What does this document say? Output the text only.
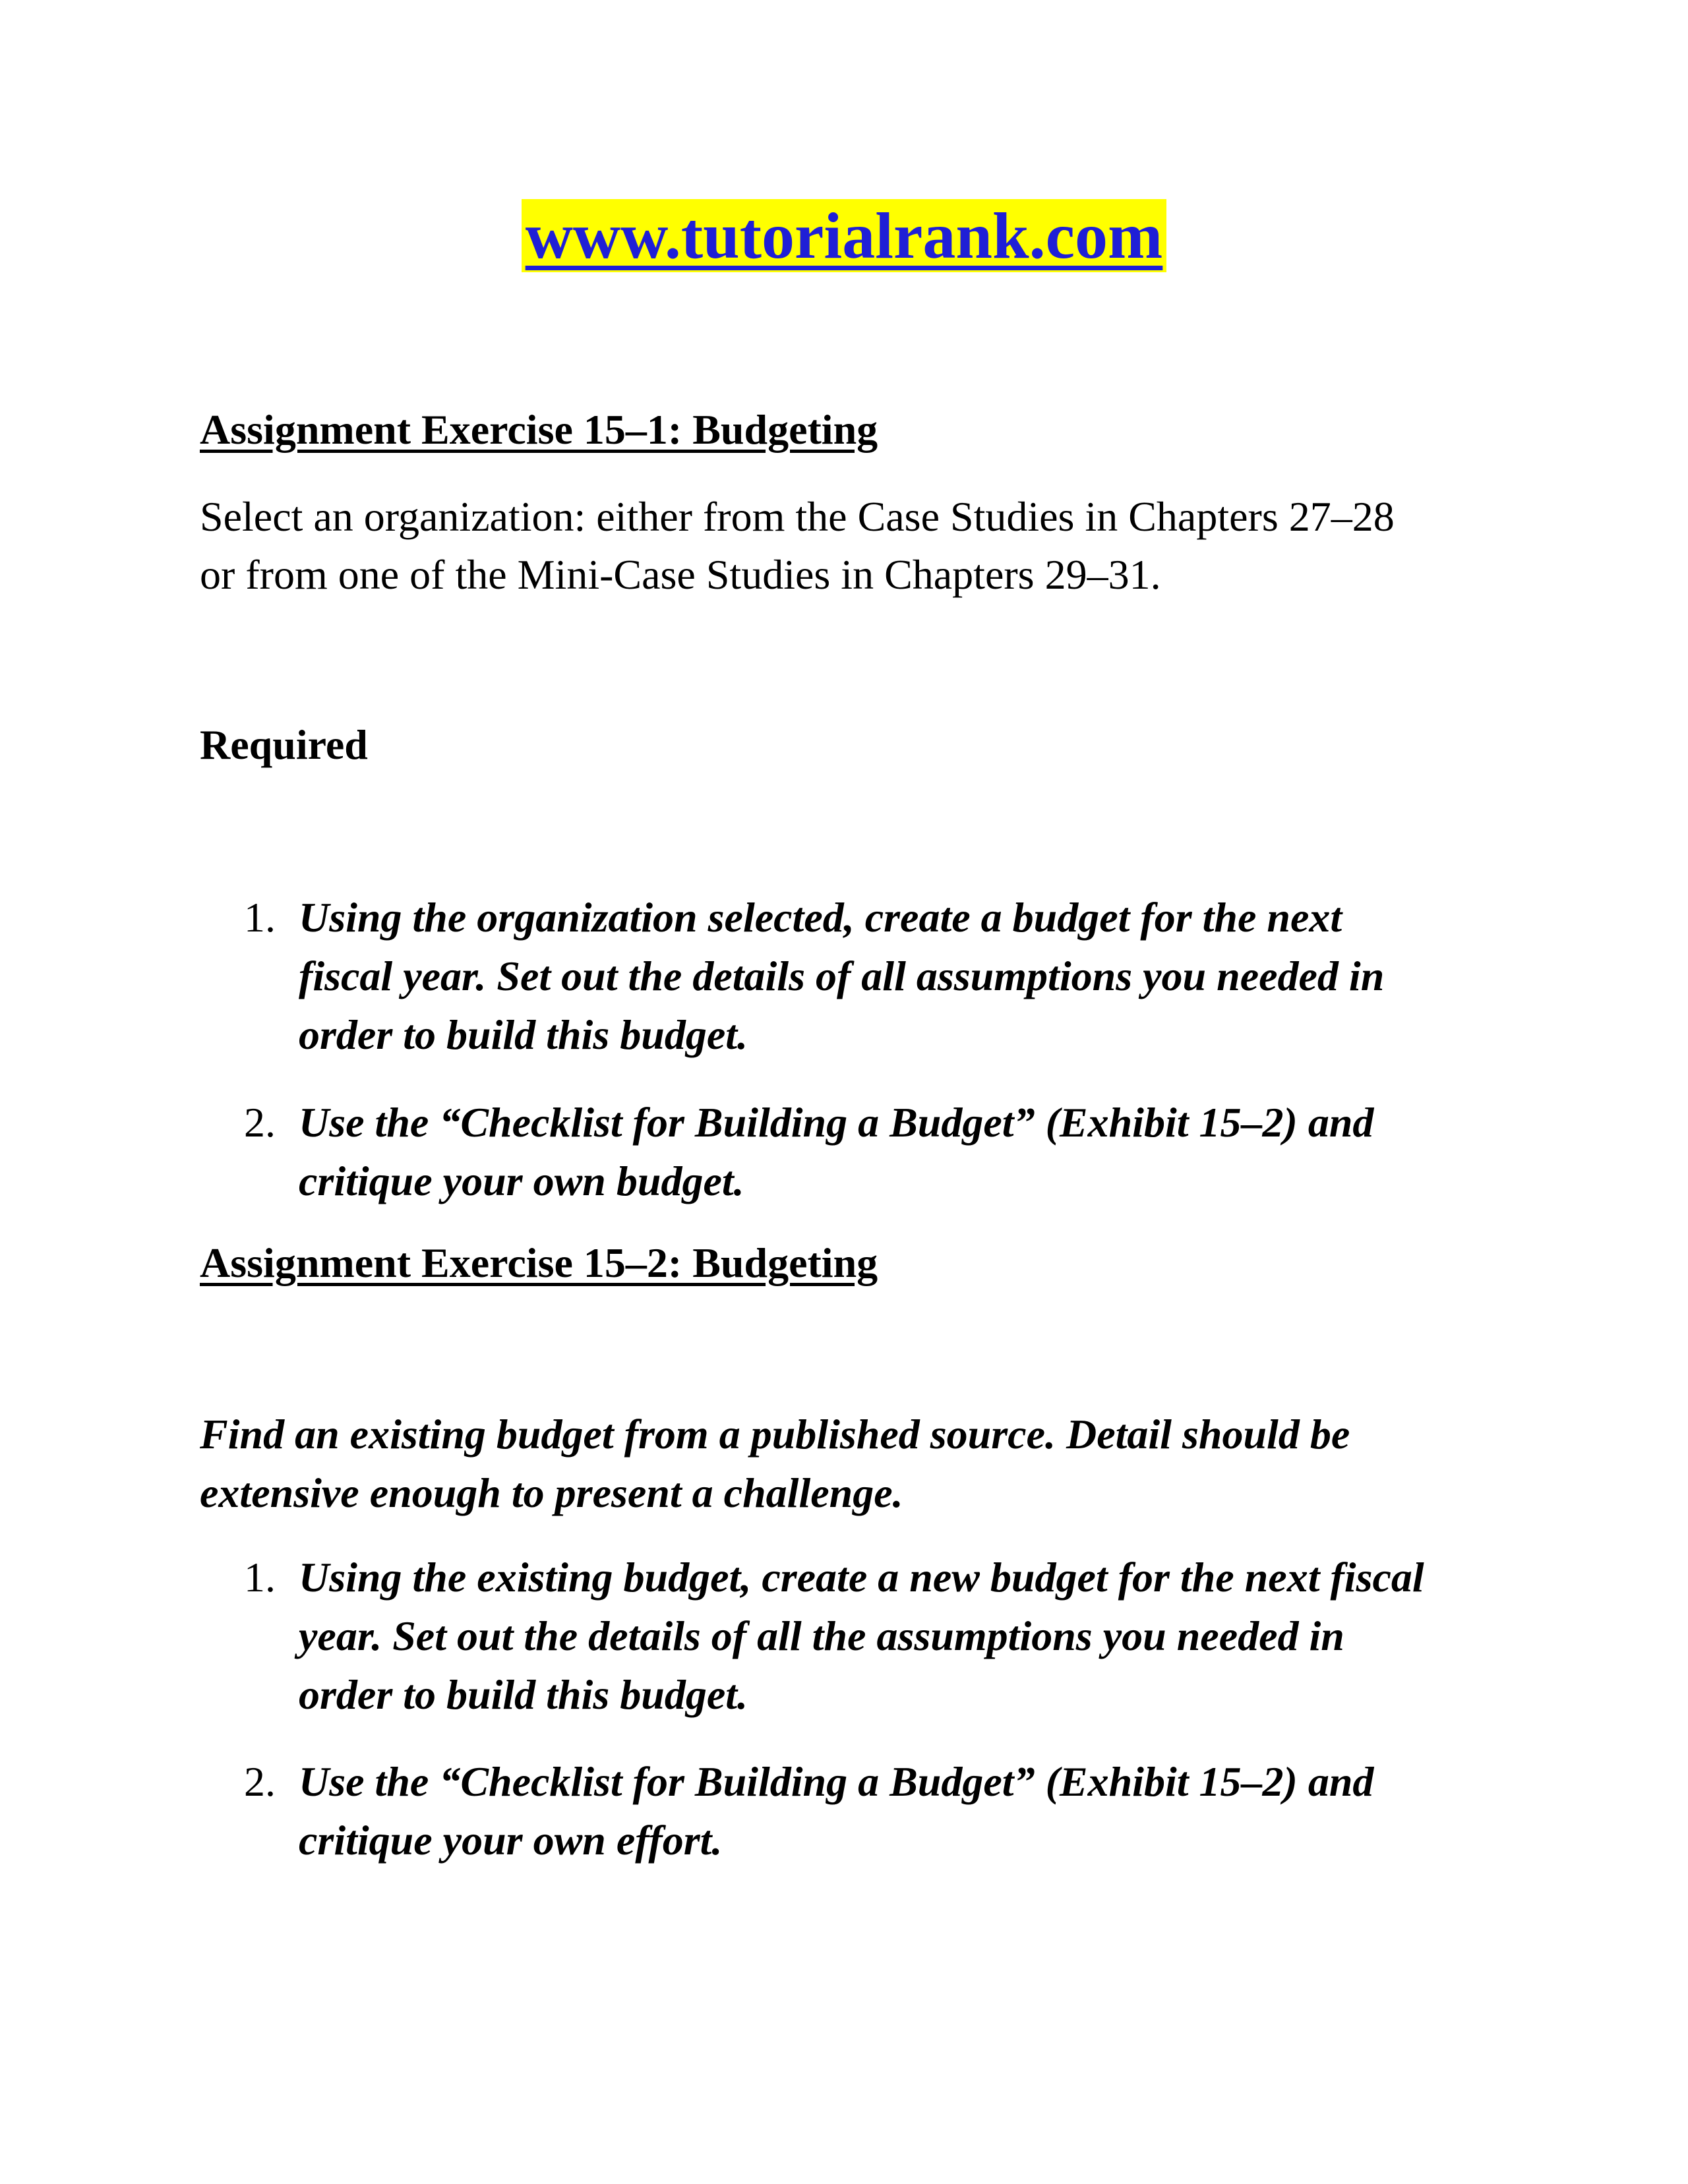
www.tutorialrank.com
Assignment Exercise 15–1: Budgeting

Select an organization: either from the Case Studies in Chapters 27–28
or from one of the Mini-Case Studies in Chapters 29–31.

Required
1. Using the organization selected, create a budget for the next
fiscal year. Set out the details of all assumptions you needed in
order to build this budget.
2. Use the “Checklist for Building a Budget” (Exhibit 15–2) and
critique your own budget.
Assignment Exercise 15–2: Budgeting

Find an existing budget from a published source. Detail should be
extensive enough to present a challenge.

1. Using the existing budget, create a new budget for the next fiscal
year. Set out the details of all the assumptions you needed in
order to build this budget.
2. Use the “Checklist for Building a Budget” (Exhibit 15–2) and
critique your own effort.
